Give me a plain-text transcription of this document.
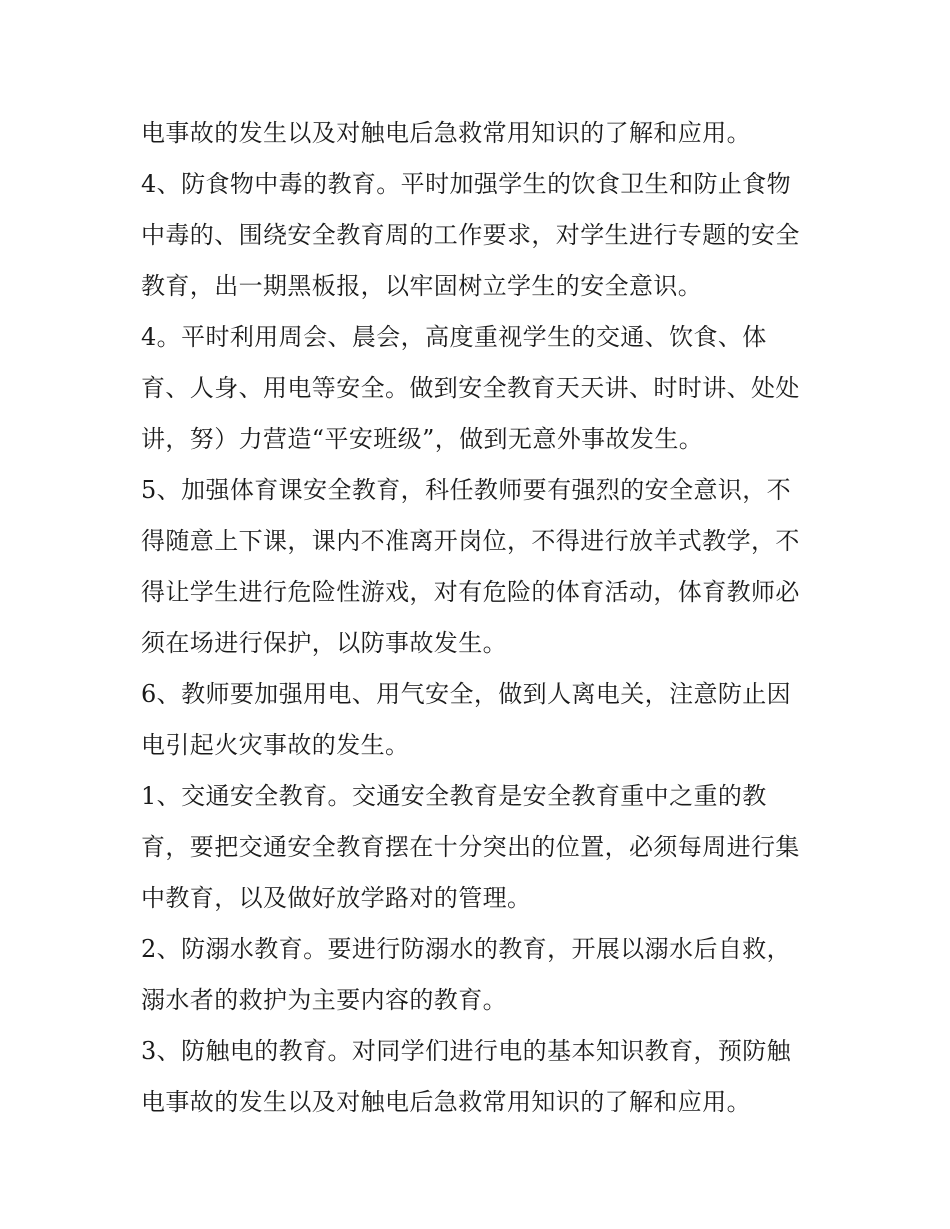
电事故的发生以及对触电后急救常用知识的了解和应用。
4、防食物中毒的教育。平时加强学生的饮食卫生和防止食物
中毒的、围绕安全教育周的工作要求，对学生进行专题的安全
教育，出一期黑板报，以牢固树立学生的安全意识。
4。平时利用周会、晨会，高度重视学生的交通、饮食、体
育、人身、用电等安全。做到安全教育天天讲、时时讲、处处
讲，努）力营造“平安班级”，做到无意外事故发生。
5、加强体育课安全教育，科任教师要有强烈的安全意识，不
得随意上下课，课内不准离开岗位，不得进行放羊式教学，不
得让学生进行危险性游戏，对有危险的体育活动，体育教师必
须在场进行保护，以防事故发生。
6、教师要加强用电、用气安全，做到人离电关，注意防止因
电引起火灾事故的发生。
1、交通安全教育。交通安全教育是安全教育重中之重的教
育，要把交通安全教育摆在十分突出的位置，必须每周进行集
中教育，以及做好放学路对的管理。
2、防溺水教育。要进行防溺水的教育，开展以溺水后自救，
溺水者的救护为主要内容的教育。
3、防触电的教育。对同学们进行电的基本知识教育，预防触
电事故的发生以及对触电后急救常用知识的了解和应用。
